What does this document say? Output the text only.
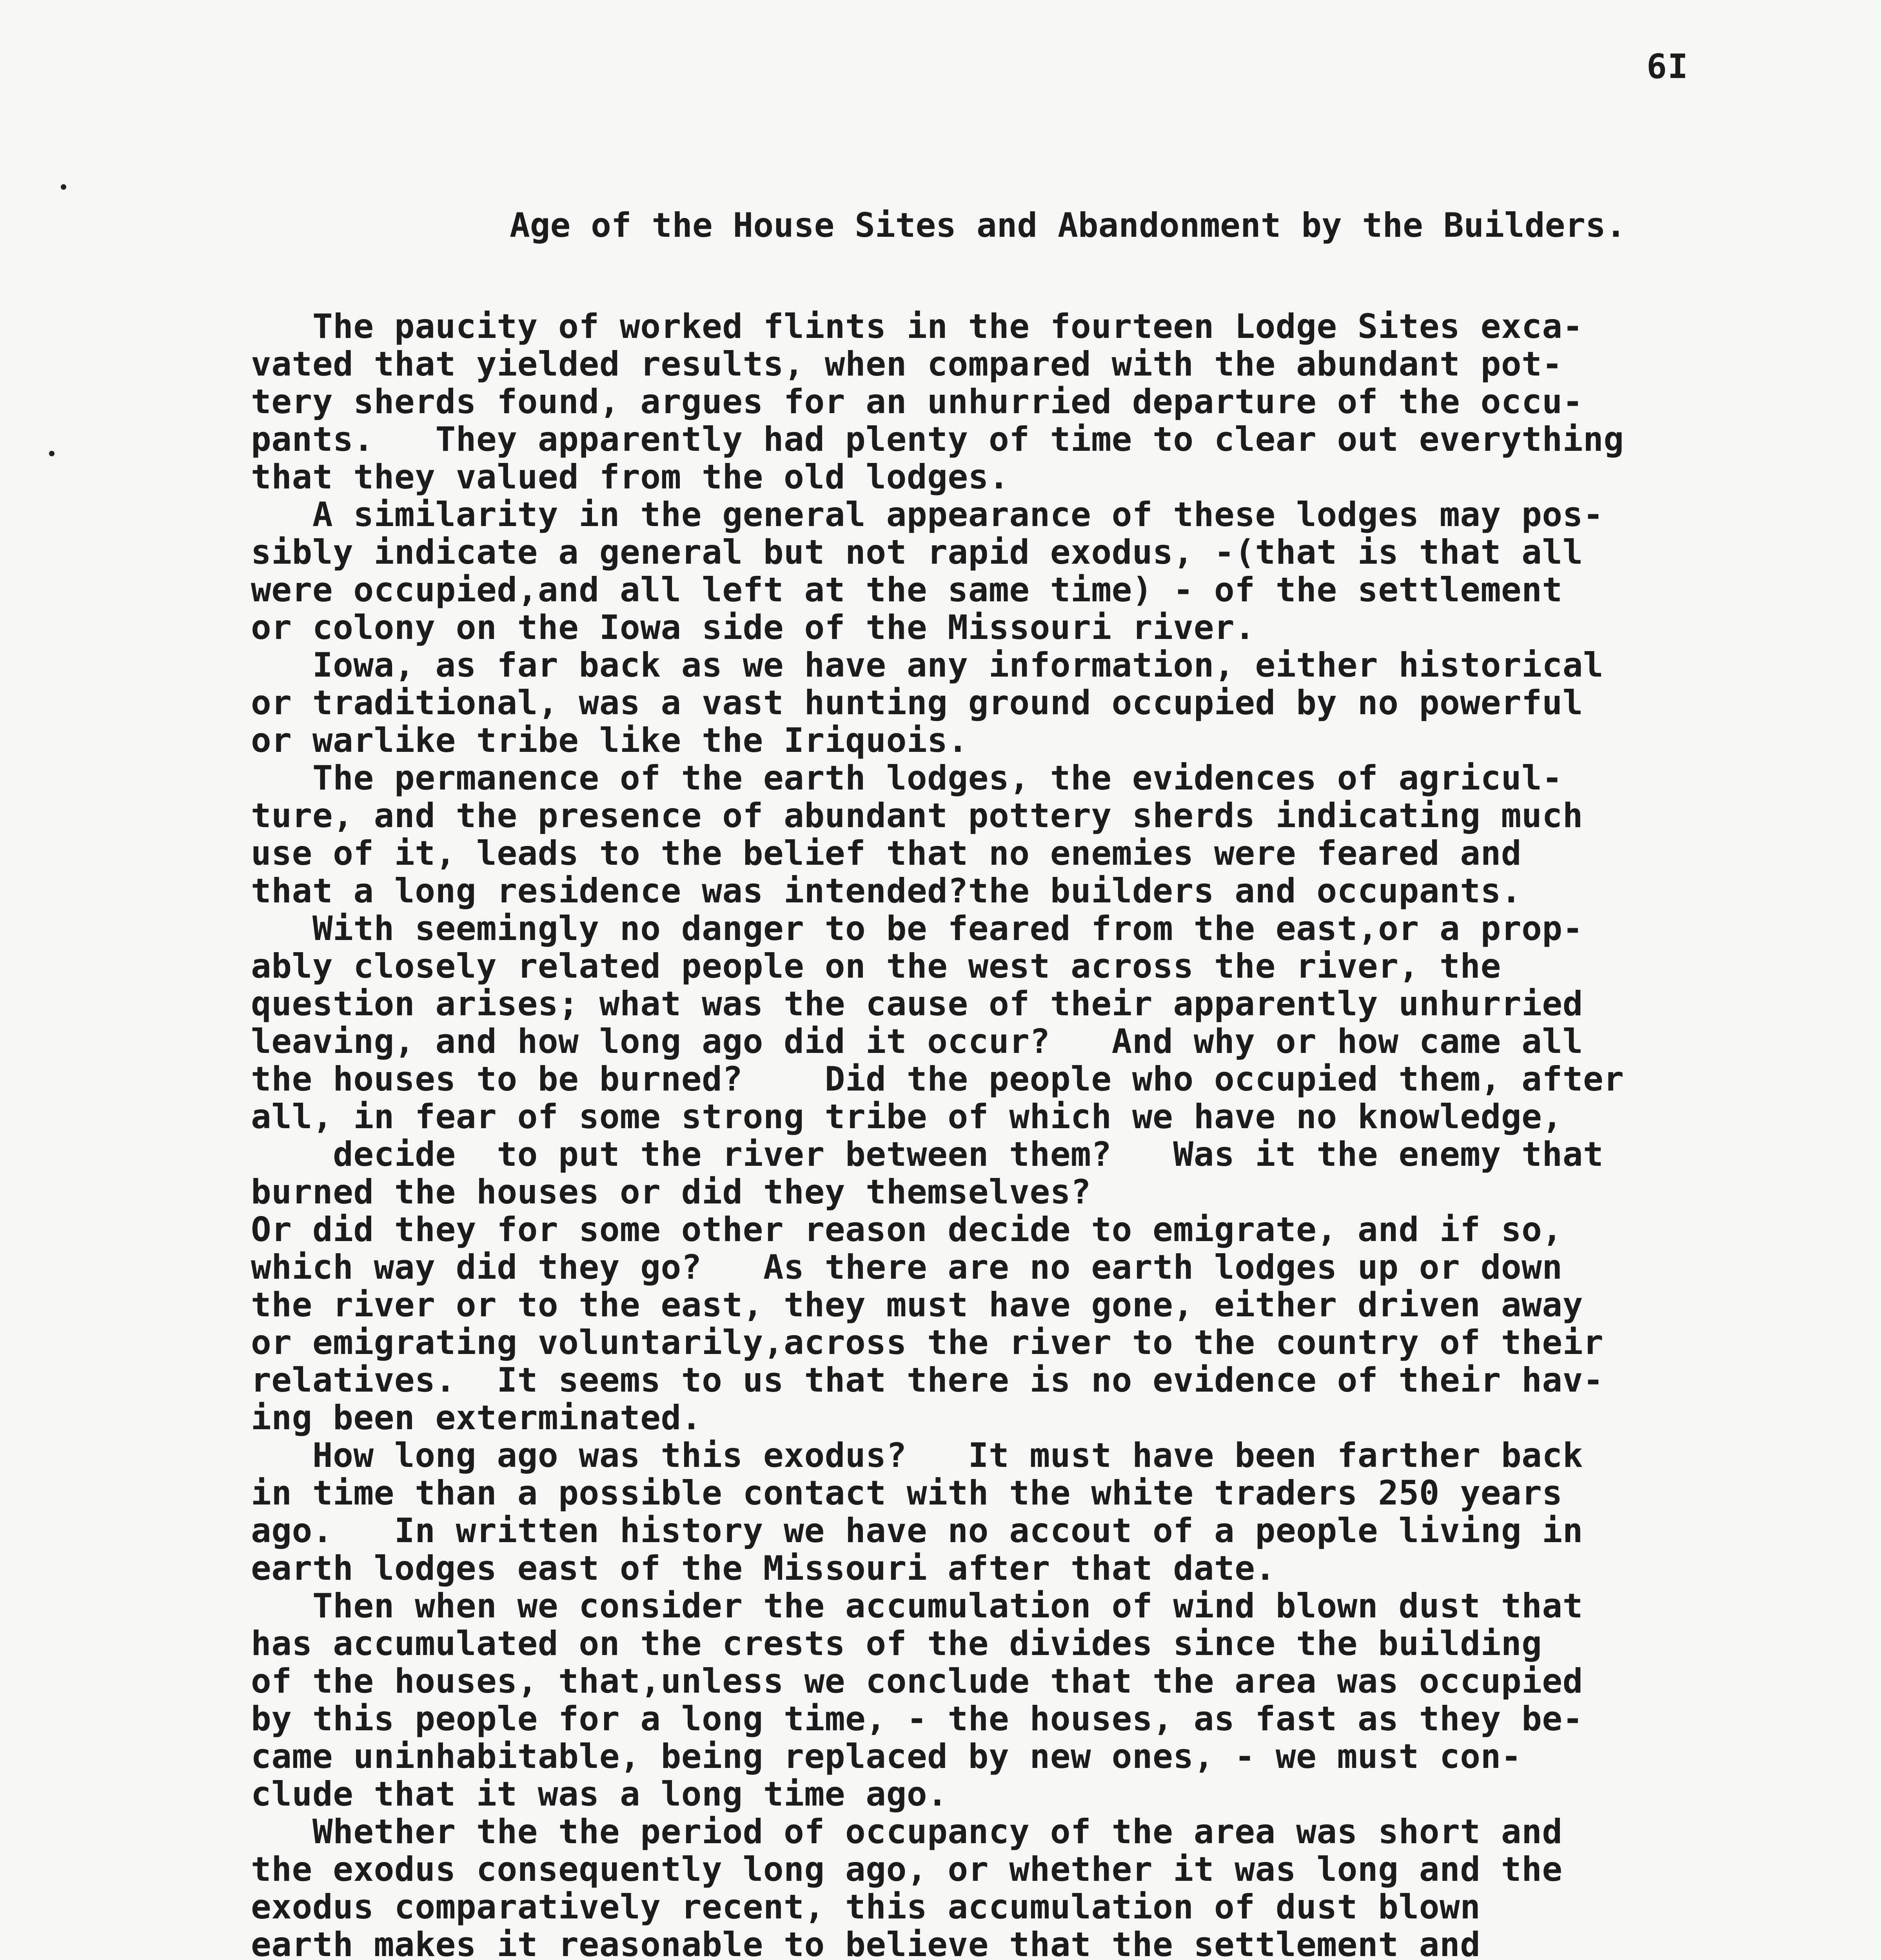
6I
Age of the House Sites and Abandonment by the Builders.
The paucity of worked flints in the fourteen Lodge Sites exca-
vated that yielded results, when compared with the abundant pot-
tery sherds found, argues for an unhurried departure of the occu-
pants.   They apparently had plenty of time to clear out everything
that they valued from the old lodges.
A similarity in the general appearance of these lodges may pos-
sibly indicate a general but not rapid exodus, -(that is that all
were occupied,and all left at the same time) - of the settlement
or colony on the Iowa side of the Missouri river.
Iowa, as far back as we have any information, either historical
or traditional, was a vast hunting ground occupied by no powerful
or warlike tribe like the Iriquois.
The permanence of the earth lodges, the evidences of agricul-
ture, and the presence of abundant pottery sherds indicating much
use of it, leads to the belief that no enemies were feared and
that a long residence was intended?the builders and occupants.
With seemingly no danger to be feared from the east,or a prop-
ably closely related people on the west across the river, the
question arises; what was the cause of their apparently unhurried
leaving, and how long ago did it occur?   And why or how came all
the houses to be burned?    Did the people who occupied them, after
all, in fear of some strong tribe of which we have no knowledge,
decide  to put the river between them?   Was it the enemy that
burned the houses or did they themselves?
Or did they for some other reason decide to emigrate, and if so,
which way did they go?   As there are no earth lodges up or down
the river or to the east, they must have gone, either driven away
or emigrating voluntarily,across the river to the country of their
relatives.  It seems to us that there is no evidence of their hav-
ing been exterminated.
How long ago was this exodus?   It must have been farther back
in time than a possible contact with the white traders 250 years
ago.   In written history we have no accout of a people living in
earth lodges east of the Missouri after that date.
Then when we consider the accumulation of wind blown dust that
has accumulated on the crests of the divides since the building
of the houses, that,unless we conclude that the area was occupied
by this people for a long time, - the houses, as fast as they be-
came uninhabitable, being replaced by new ones, - we must con-
clude that it was a long time ago.
Whether the the period of occupancy of the area was short and
the exodus consequently long ago, or whether it was long and the
exodus comparatively recent, this accumulation of dust blown
earth makes it reasonable to believe that the settlement and
